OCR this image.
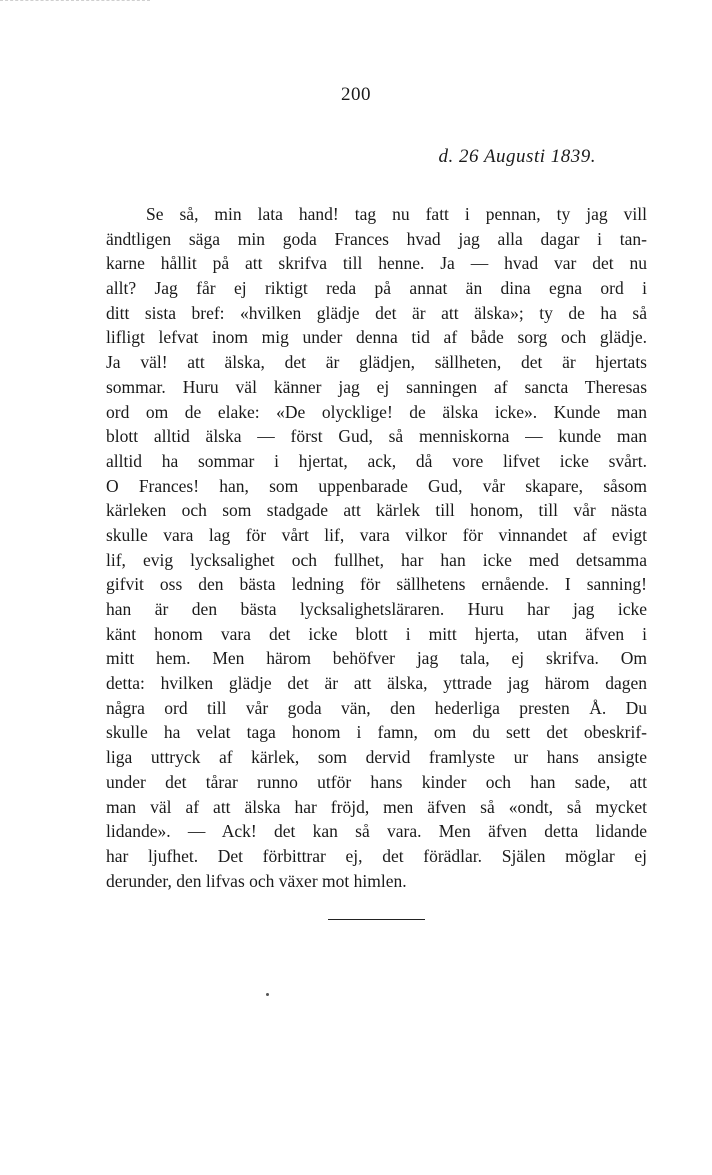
200
d. 26 Augusti 1839.
Se så, min lata hand! tag nu fatt i pennan, ty jag vill
ändtligen säga min goda Frances hvad jag alla dagar i tan-
karne hållit på att skrifva till henne. Ja — hvad var det nu
allt? Jag får ej riktigt reda på annat än dina egna ord i
ditt sista bref: «hvilken glädje det är att älska»; ty de ha så
lifligt lefvat inom mig under denna tid af både sorg och glädje.
Ja väl! att älska, det är glädjen, sällheten, det är hjertats
sommar. Huru väl känner jag ej sanningen af sancta Theresas
ord om de elake: «De olycklige! de älska icke». Kunde man
blott alltid älska — först Gud, så menniskorna — kunde man
alltid ha sommar i hjertat, ack, då vore lifvet icke svårt.
O Frances! han, som uppenbarade Gud, vår skapare, såsom
kärleken och som stadgade att kärlek till honom, till vår nästa
skulle vara lag för vårt lif, vara vilkor för vinnandet af evigt
lif, evig lycksalighet och fullhet, har han icke med detsamma
gifvit oss den bästa ledning för sällhetens ernående. I sanning!
han är den bästa lycksalighetsläraren. Huru har jag icke
känt honom vara det icke blott i mitt hjerta, utan äfven i
mitt hem. Men härom behöfver jag tala, ej skrifva. Om
detta: hvilken glädje det är att älska, yttrade jag härom dagen
några ord till vår goda vän, den hederliga presten Å. Du
skulle ha velat taga honom i famn, om du sett det obeskrif-
liga uttryck af kärlek, som dervid framlyste ur hans ansigte
under det tårar runno utför hans kinder och han sade, att
man väl af att älska har fröjd, men äfven så «ondt, så mycket
lidande». — Ack! det kan så vara. Men äfven detta lidande
har ljufhet. Det förbittrar ej, det förädlar. Själen möglar ej
derunder, den lifvas och växer mot himlen.
